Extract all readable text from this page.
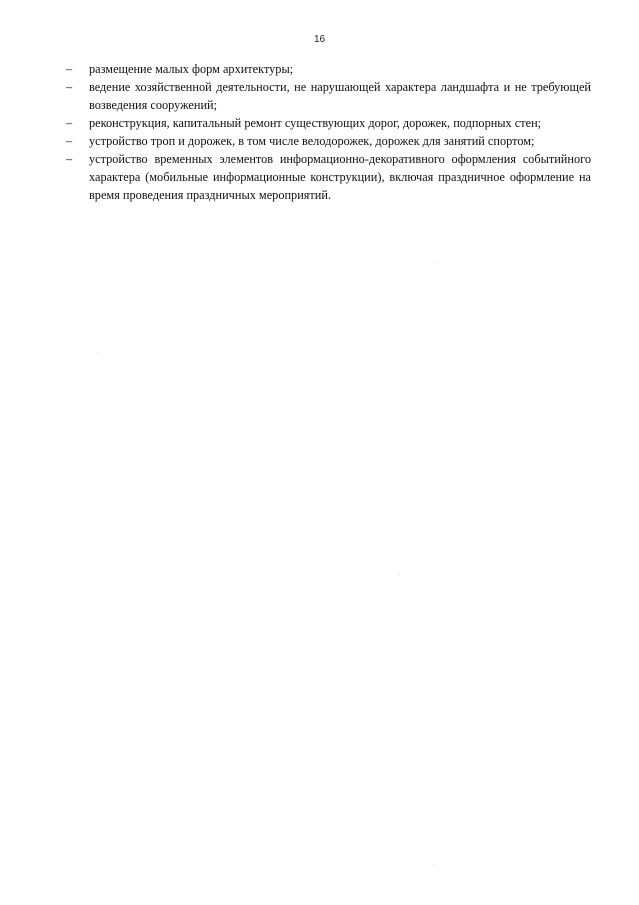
16

–	размещение малых форм архитектуры;
–	ведение хозяйственной деятельности, не нарушающей характера ландшафта и не требующей возведения сооружений;
–	реконструкция, капитальный ремонт существующих дорог, дорожек, подпорных стен;
–	устройство троп и дорожек, в том числе велодорожек, дорожек для занятий спортом;
–	устройство временных элементов информационно-декоративного оформления событийного характера (мобильные информационные конструкции), включая праздничное оформление на время проведения праздничных мероприятий.
